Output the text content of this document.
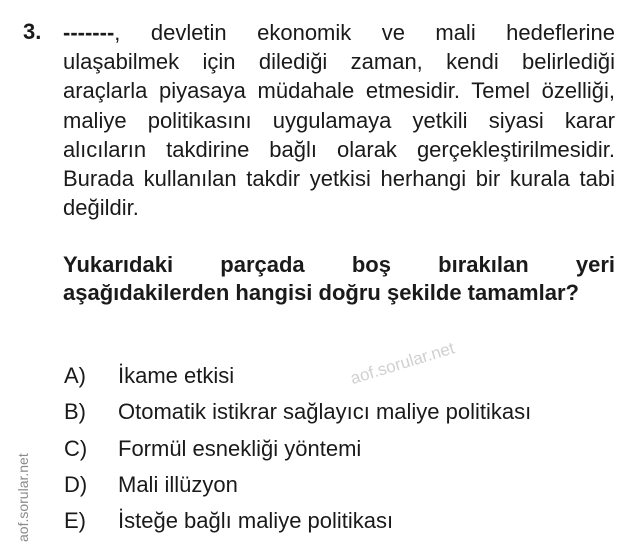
3. -------, devletin ekonomik ve mali hedeflerine ulaşabilmek için dilediği zaman, kendi belirlediği araçlarla piyasaya müdahale etmesidir. Temel özelliği, maliye politikasını uygulamaya yetkili siyasi karar alıcıların takdirine bağlı olarak gerçekleştirilmesidir. Burada kullanılan takdir yetkisi herhangi bir kurala tabi değildir.
Yukarıdaki parçada boş bırakılan yeri aşağıdakilerden hangisi doğru şekilde tamamlar?
A) İkame etkisi
B) Otomatik istikrar sağlayıcı maliye politikası
C) Formül esnekliği yöntemi
D) Mali illüzyon
E) İsteğe bağlı maliye politikası
aof.sorular.net
aof.sorular.net
